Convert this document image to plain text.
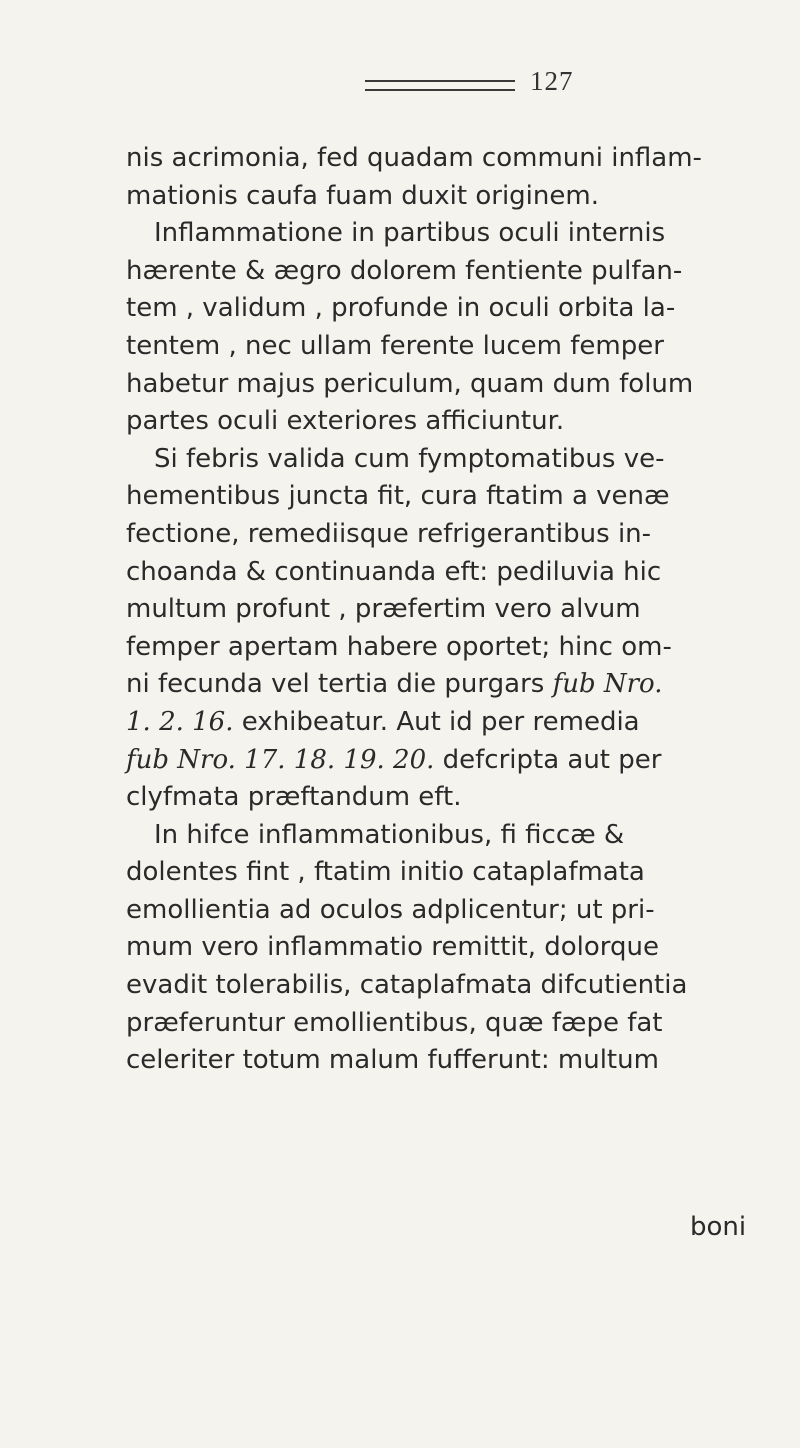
127
nis acrimonia, fed quadam communi inflam-
mationis caufa fuam duxit originem.
Inflammatione in partibus oculi internis
hærente & ægro dolorem fentiente pulfan-
tem , validum , profunde in oculi orbita la-
tentem , nec ullam ferente lucem femper
habetur majus periculum, quam dum folum
partes oculi exteriores afficiuntur.
Si febris valida cum fymptomatibus ve-
hementibus juncta fit, cura ftatim a venæ
fectione, remediisque refrigerantibus in-
choanda & continuanda eft: pediluvia hic
multum profunt , præfertim vero alvum
femper apertam habere oportet; hinc om-
ni fecunda vel tertia die purgars fub Nro.
1. 2. 16. exhibeatur. Aut id per remedia
fub Nro. 17. 18. 19. 20. defcripta aut per
clyfmata præftandum eft.
In hifce inflammationibus, fi ficcæ &
dolentes fint , ftatim initio cataplafmata
emollientia ad oculos adplicentur; ut pri-
mum vero inflammatio remittit, dolorque
evadit tolerabilis, cataplafmata difcutientia
præferuntur emollientibus, quæ fæpe fat
celeriter totum malum fufferunt: multum
boni
